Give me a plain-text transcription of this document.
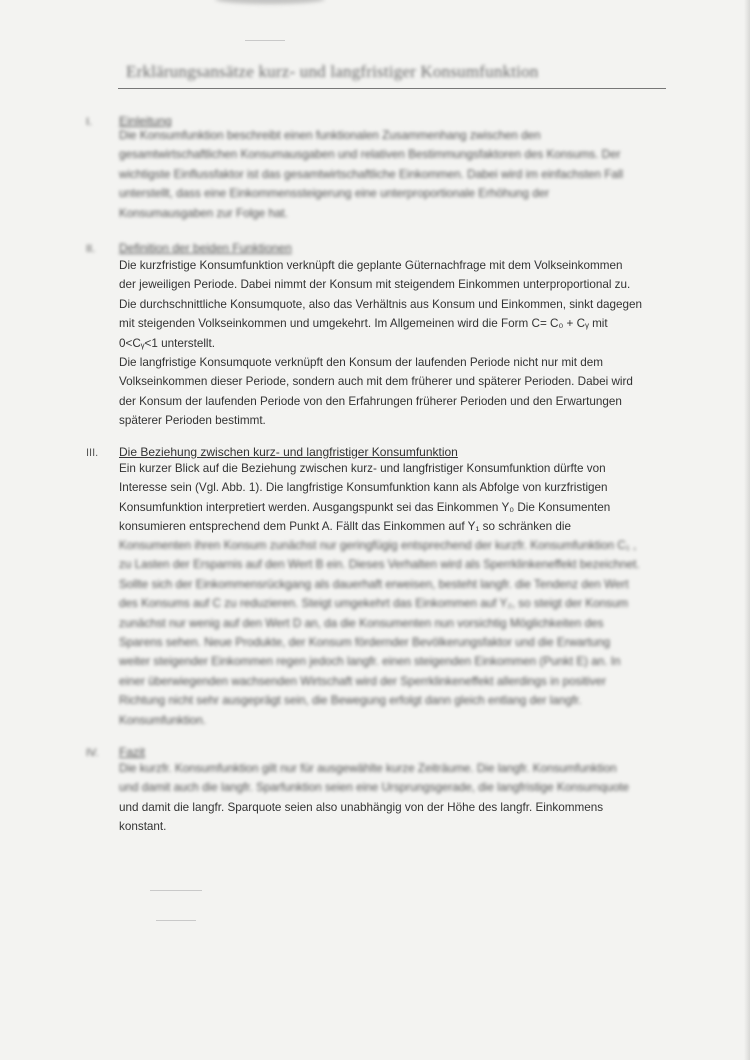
Erklärungsansätze kurz- und langfristiger Konsumfunktion
I. Einleitung
Die Konsumfunktion beschreibt einen funktionalen Zusammenhang zwischen den
gesamtwirtschaftlichen Konsumausgaben und relativen Bestimmungsfaktoren des Konsums. Der
wichtigste Einflussfaktor ist das gesamtwirtschaftliche Einkommen. Dabei wird im einfachsten Fall
unterstellt, dass eine Einkommenssteigerung eine unterproportionale Erhöhung der
Konsumausgaben zur Folge hat.
II. Definition der beiden Funktionen
Die kurzfristige Konsumfunktion verknüpft die geplante Güternachfrage mit dem Volkseinkommen
der jeweiligen Periode. Dabei nimmt der Konsum mit steigendem Einkommen unterproportional zu.
Die durchschnittliche Konsumquote, also das Verhältnis aus Konsum und Einkommen, sinkt dagegen
mit steigenden Volkseinkommen und umgekehrt. Im Allgemeinen wird die Form C= C₀ + Cᵧ mit
0<Cᵧ<1 unterstellt.
Die langfristige Konsumquote verknüpft den Konsum der laufenden Periode nicht nur mit dem
Volkseinkommen dieser Periode, sondern auch mit dem früherer und späterer Perioden. Dabei wird
der Konsum der laufenden Periode von den Erfahrungen früherer Perioden und den Erwartungen
späterer Perioden bestimmt.
III. Die Beziehung zwischen kurz- und langfristiger Konsumfunktion
Ein kurzer Blick auf die Beziehung zwischen kurz- und langfristiger Konsumfunktion dürfte von
Interesse sein (Vgl. Abb. 1). Die langfristige Konsumfunktion kann als Abfolge von kurzfristigen
Konsumfunktion interpretiert werden. Ausgangspunkt sei das Einkommen Y₀ Die Konsumenten
konsumieren entsprechend dem Punkt A. Fällt das Einkommen auf Y₁ so schränken die
Konsumenten ihren Konsum zunächst nur geringfügig entsprechend der kurzfr. Konsumfunktion C₁ ,
zu Lasten der Ersparnis auf den Wert B ein. Dieses Verhalten wird als Sperrklinkeneffekt bezeichnet.
Sollte sich der Einkommensrückgang als dauerhaft erweisen, besteht langfr. die Tendenz den Wert
des Konsums auf C zu reduzieren. Steigt umgekehrt das Einkommen auf Y₂, so steigt der Konsum
zunächst nur wenig auf den Wert D an, da die Konsumenten nun vorsichtig Möglichkeiten des
Sparens sehen. Neue Produkte, der Konsum fördernder Bevölkerungsfaktor und die Erwartung
weiter steigender Einkommen regen jedoch langfr. einen steigenden Einkommen (Punkt E) an. In
einer überwiegenden wachsenden Wirtschaft wird der Sperrklinkeneffekt allerdings in positiver
Richtung nicht sehr ausgeprägt sein, die Bewegung erfolgt dann gleich entlang der langfr.
Konsumfunktion.
IV. Fazit
Die kurzfr. Konsumfunktion gilt nur für ausgewählte kurze Zeiträume. Die langfr. Konsumfunktion
und damit auch die langfr. Sparfunktion seien eine Ursprungsgerade, die langfristige Konsumquote
und damit die langfr. Sparquote seien also unabhängig von der Höhe des langfr. Einkommens
konstant.
